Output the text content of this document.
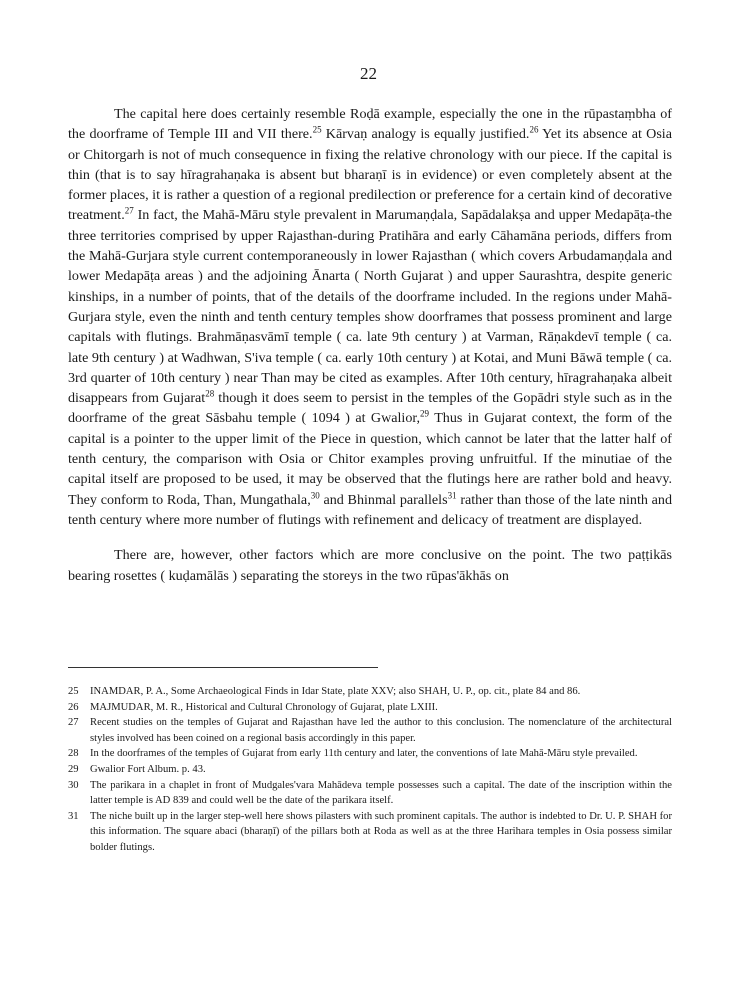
22

The capital here does certainly resemble Roḍā example, especially the one in the rūpastaṃbha of the doorframe of Temple III and VII there.$^{25}$ Kārvaṇ analogy is equally justified.$^{26}$ Yet its absence at Osia or Chitorgarh is not of much consequence in fixing the relative chronology with our piece. If the capital is thin (that is to say hīragrahaṇaka is absent but bharaṇī is in evidence) or even completely absent at the former places, it is rather a question of a regional predilection or preference for a certain kind of decorative treatment.$^{27}$ In fact, the Mahā-Māru style prevalent in Marumaṇḍala, Sapādalakṣa and upper Medapāṭa-the three territories comprised by upper Rajasthan-during Pratihāra and early Cāhamāna periods, differs from the Mahā-Gurjara style current contemporaneously in lower Rajasthan ( which covers Arbudamaṇḍala and lower Medapāṭa areas ) and the adjoining Ānarta ( North Gujarat ) and upper Saurashtra, despite generic kinships, in a number of points, that of the details of the doorframe included. In the regions under Mahā-Gurjara style, even the ninth and tenth century temples show doorframes that possess prominent and large capitals with flutings. Brahmāṇasvāmī temple ( ca. late 9th century ) at Varman, Rāṇakdevī temple ( ca. late 9th century ) at Wadhwan, S'iva temple ( ca. early 10th century ) at Kotai, and Muni Bāwā temple ( ca. 3rd quarter of 10th century ) near Than may be cited as examples. After 10th century, hīragrahaṇaka albeit disappears from Gujarat$^{28}$ though it does seem to persist in the temples of the Gopādri style such as in the doorframe of the great Sāsbahu temple ( 1094 ) at Gwalior,$^{29}$ Thus in Gujarat context, the form of the capital is a pointer to the upper limit of the Piece in question, which cannot be later that the latter half of tenth century, the comparison with Osia or Chitor examples proving unfruitful. If the minutiae of the capital itself are proposed to be used, it may be observed that the flutings here are rather bold and heavy. They conform to Roda, Than, Mungathala,$^{30}$ and Bhinmal parallels$^{31}$ rather than those of the late ninth and tenth century where more number of flutings with refinement and delicacy of treatment are displayed.

There are, however, other factors which are more conclusive on the point. The two paṭṭikās bearing rosettes ( kuḍamālās ) separating the storeys in the two rūpas'ākhās on

25	INAMDAR, P. A., Some Archaeological Finds in Idar State, plate XXV; also SHAH, U. P., op. cit., plate 84 and 86.
26	MAJMUDAR, M. R., Historical and Cultural Chronology of Gujarat, plate LXIII.
27	Recent studies on the temples of Gujarat and Rajasthan have led the author to this conclusion. The nomenclature of the architectural styles involved has been coined on a regional basis accordingly in this paper.
28	In the doorframes of the temples of Gujarat from early 11th century and later, the conventions of late Mahā-Māru style prevailed.
29	Gwalior Fort Album. p. 43.
30	The parikara in a chaplet in front of Mudgales'vara Mahādeva temple possesses such a capital. The date of the inscription within the latter temple is AD 839 and could well be the date of the parikara itself.
31	The niche built up in the larger step-well here shows pilasters with such prominent capitals. The author is indebted to Dr. U. P. SHAH for this information. The square abaci (bharaṇī) of the pillars both at Roda as well as at the three Harihara temples in Osia possess similar bolder flutings.
